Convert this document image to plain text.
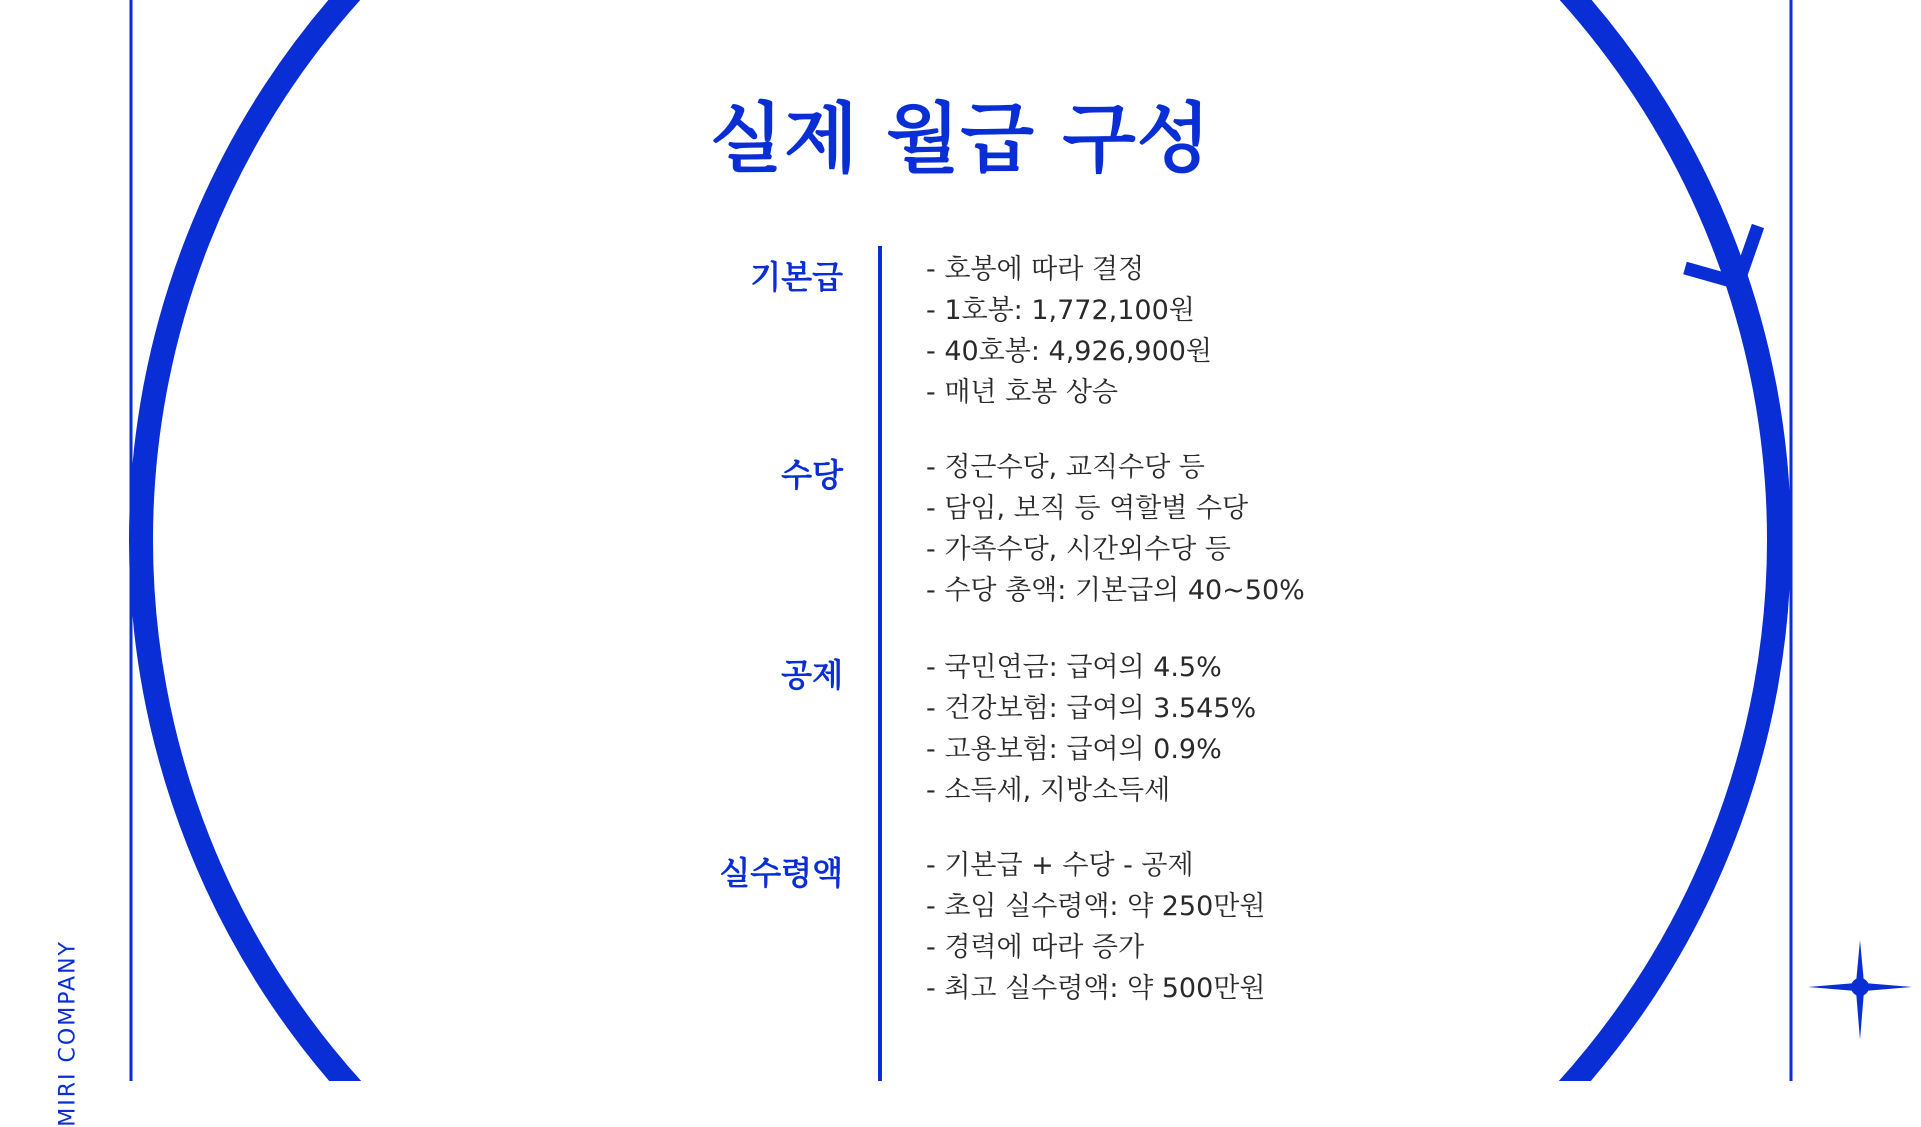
MIRI COMPANY
실제 월급 구성
기본급	- 호봉에 따라 결정
- 1호봉: 1,772,100원
- 40호봉: 4,926,900원
- 매년 호봉 상승
수당	- 정근수당, 교직수당 등
- 담임, 보직 등 역할별 수당
- 가족수당, 시간외수당 등
- 수당 총액: 기본급의 40~50%
공제	- 국민연금: 급여의 4.5%
- 건강보험: 급여의 3.545%
- 고용보험: 급여의 0.9%
- 소득세, 지방소득세
실수령액	- 기본급 + 수당 - 공제
- 초임 실수령액: 약 250만원
- 경력에 따라 증가
- 최고 실수령액: 약 500만원
